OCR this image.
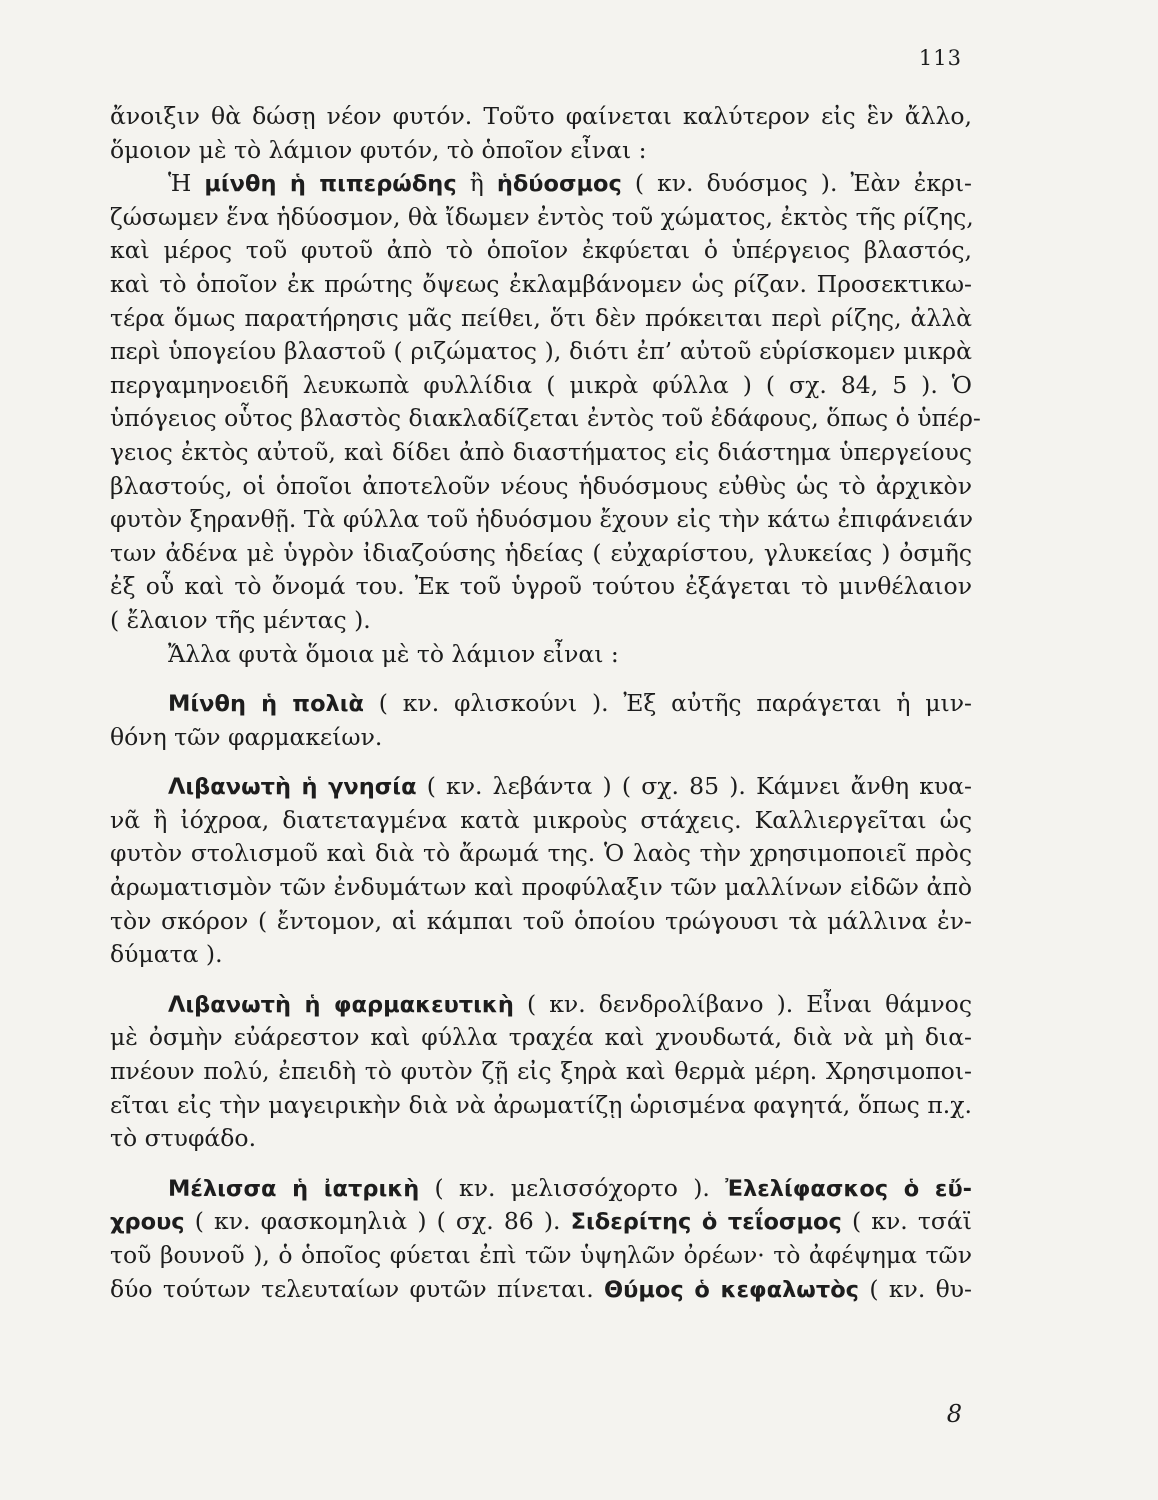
113
ἄνοιξιν θὰ δώσῃ νέον φυτόν. Τοῦτο φαίνεται καλύτερον εἰς ἓν ἄλλο,
ὅμοιον μὲ τὸ λάμιον φυτόν, τὸ ὁποῖον εἶναι :
Ἡ μίνθη ἡ πιπερώδης ἢ ἡδύοσμος ( κν. δυόσμος ). Ἐὰν ἐκρι-
ζώσωμεν ἕνα ἡδύοσμον, θὰ ἴδωμεν ἐντὸς τοῦ χώματος, ἐκτὸς τῆς ρίζης,
καὶ μέρος τοῦ φυτοῦ ἀπὸ τὸ ὁποῖον ἐκφύεται ὁ ὑπέργειος βλαστός,
καὶ τὸ ὁποῖον ἐκ πρώτης ὄψεως ἐκλαμβάνομεν ὡς ρίζαν. Προσεκτικω-
τέρα ὅμως παρατήρησις μᾶς πείθει, ὅτι δὲν πρόκειται περὶ ρίζης, ἀλλὰ
περὶ ὑπογείου βλαστοῦ ( ριζώματος ), διότι ἐπ’ αὐτοῦ εὑρίσκομεν μικρὰ
περγαμηνοειδῆ λευκωπὰ φυλλίδια ( μικρὰ φύλλα ) ( σχ. 84, 5 ). Ὁ
ὑπόγειος οὗτος βλαστὸς διακλαδίζεται ἐντὸς τοῦ ἐδάφους, ὅπως ὁ ὑπέρ-
γειος ἐκτὸς αὐτοῦ, καὶ δίδει ἀπὸ διαστήματος εἰς διάστημα ὑπεργείους
βλαστούς, οἱ ὁποῖοι ἀποτελοῦν νέους ἡδυόσμους εὐθὺς ὡς τὸ ἀρχικὸν
φυτὸν ξηρανθῇ. Τὰ φύλλα τοῦ ἡδυόσμου ἔχουν εἰς τὴν κάτω ἐπιφάνειάν
των ἀδένα μὲ ὑγρὸν ἰδιαζούσης ἡδείας ( εὐχαρίστου, γλυκείας ) ὀσμῆς
ἐξ οὗ καὶ τὸ ὄνομά του. Ἐκ τοῦ ὑγροῦ τούτου ἐξάγεται τὸ μινθέλαιον
( ἔλαιον τῆς μέντας ).
Ἄλλα φυτὰ ὅμοια μὲ τὸ λάμιον εἶναι :
Μίνθη ἡ πολιὰ ( κν. φλισκούνι ). Ἐξ αὐτῆς παράγεται ἡ μιν-
θόνη τῶν φαρμακείων.
Λιβανωτὴ ἡ γνησία ( κν. λεβάντα ) ( σχ. 85 ). Κάμνει ἄνθη κυα-
νᾶ ἢ ἰόχροα, διατεταγμένα κατὰ μικροὺς στάχεις. Καλλιεργεῖται ὡς
φυτὸν στολισμοῦ καὶ διὰ τὸ ἄρωμά της. Ὁ λαὸς τὴν χρησιμοποιεῖ πρὸς
ἀρωματισμὸν τῶν ἐνδυμάτων καὶ προφύλαξιν τῶν μαλλίνων εἰδῶν ἀπὸ
τὸν σκόρον ( ἔντομον, αἱ κάμπαι τοῦ ὁποίου τρώγουσι τὰ μάλλινα ἐν-
δύματα ).
Λιβανωτὴ ἡ φαρμακευτικὴ ( κν. δενδρολίβανο ). Εἶναι θάμνος
μὲ ὀσμὴν εὐάρεστον καὶ φύλλα τραχέα καὶ χνουδωτά, διὰ νὰ μὴ δια-
πνέουν πολύ, ἐπειδὴ τὸ φυτὸν ζῇ εἰς ξηρὰ καὶ θερμὰ μέρη. Χρησιμοποι-
εῖται εἰς τὴν μαγειρικὴν διὰ νὰ ἀρωματίζῃ ὡρισμένα φαγητά, ὅπως π.χ.
τὸ στυφάδο.
Μέλισσα ἡ ἰατρικὴ ( κν. μελισσόχορτο ). Ἐλελίφασκος ὁ εὔ-
χρους ( κν. φασκομηλιὰ ) ( σχ. 86 ). Σιδερίτης ὁ τεΐοσμος ( κν. τσάϊ
τοῦ βουνοῦ ), ὁ ὁποῖος φύεται ἐπὶ τῶν ὑψηλῶν ὀρέων· τὸ ἀφέψημα τῶν
δύο τούτων τελευταίων φυτῶν πίνεται. Θύμος ὁ κεφαλωτὸς ( κν. θυ-
8
